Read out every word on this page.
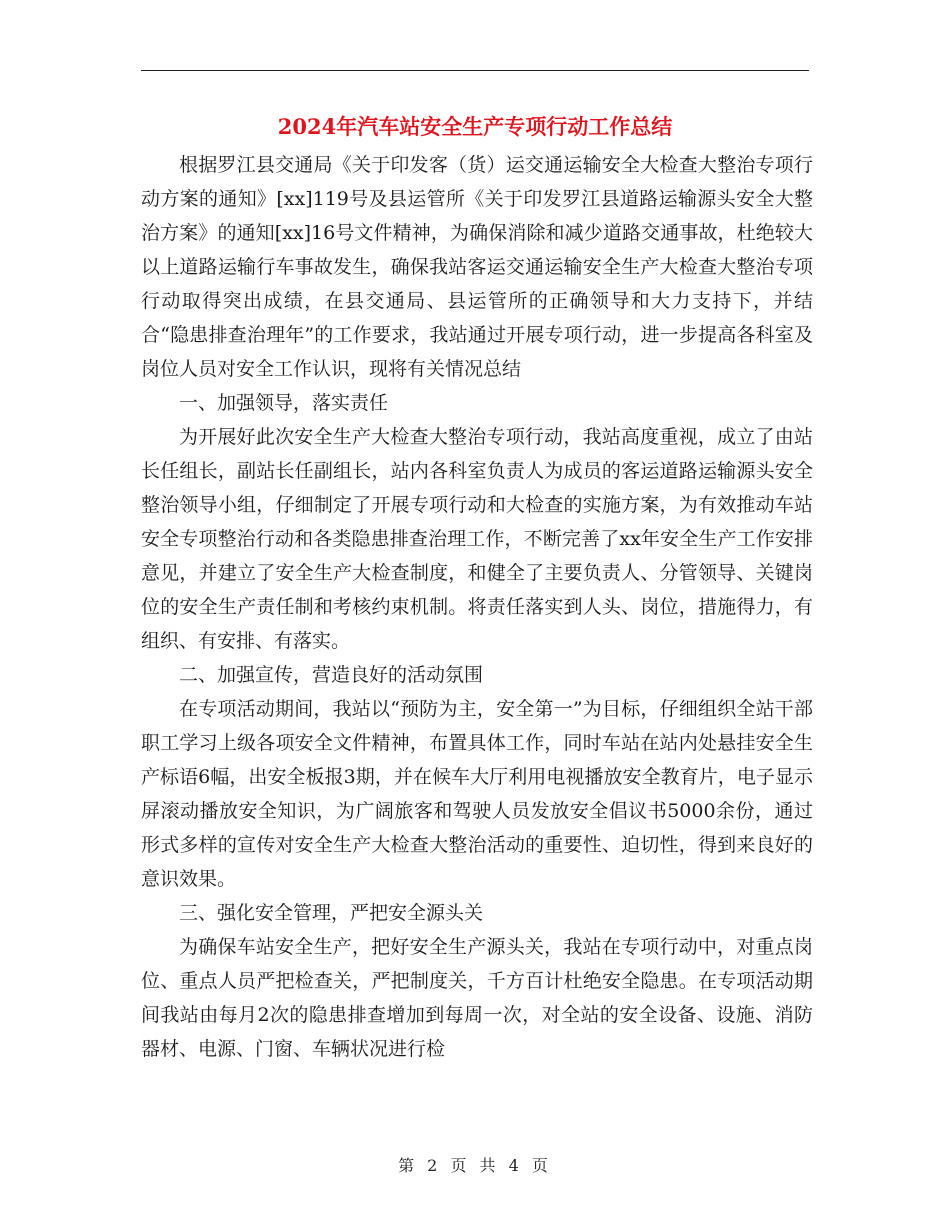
2024年汽车站安全生产专项行动工作总结

根据罗江县交通局《关于印发客（货）运交通运输安全大检查大整治专项行动方案的通知》[xx]119号及县运管所《关于印发罗江县道路运输源头安全大整治方案》的通知[xx]16号文件精神，为确保消除和减少道路交通事故，杜绝较大以上道路运输行车事故发生，确保我站客运交通运输安全生产大检查大整治专项行动取得突出成绩，在县交通局、县运管所的正确领导和大力支持下，并结合“隐患排查治理年”的工作要求，我站通过开展专项行动，进一步提高各科室及岗位人员对安全工作认识，现将有关情况总结

一、加强领导，落实责任

为开展好此次安全生产大检查大整治专项行动，我站高度重视，成立了由站长任组长，副站长任副组长，站内各科室负责人为成员的客运道路运输源头安全整治领导小组，仔细制定了开展专项行动和大检查的实施方案，为有效推动车站安全专项整治行动和各类隐患排查治理工作，不断完善了xx年安全生产工作安排意见，并建立了安全生产大检查制度，和健全了主要负责人、分管领导、关键岗位的安全生产责任制和考核约束机制。将责任落实到人头、岗位，措施得力，有组织、有安排、有落实。

二、加强宣传，营造良好的活动氛围

在专项活动期间，我站以“预防为主，安全第一”为目标，仔细组织全站干部职工学习上级各项安全文件精神，布置具体工作，同时车站在站内处悬挂安全生产标语6幅，出安全板报3期，并在候车大厅利用电视播放安全教育片，电子显示屏滚动播放安全知识，为广阔旅客和驾驶人员发放安全倡议书5000余份，通过形式多样的宣传对安全生产大检查大整治活动的重要性、迫切性，得到来良好的意识效果。

三、强化安全管理，严把安全源头关

为确保车站安全生产，把好安全生产源头关，我站在专项行动中，对重点岗位、重点人员严把检查关，严把制度关，千方百计杜绝安全隐患。在专项活动期间我站由每月2次的隐患排查增加到每周一次，对全站的安全设备、设施、消防器材、电源、门窗、车辆状况进行检

第 2 页 共 4 页
